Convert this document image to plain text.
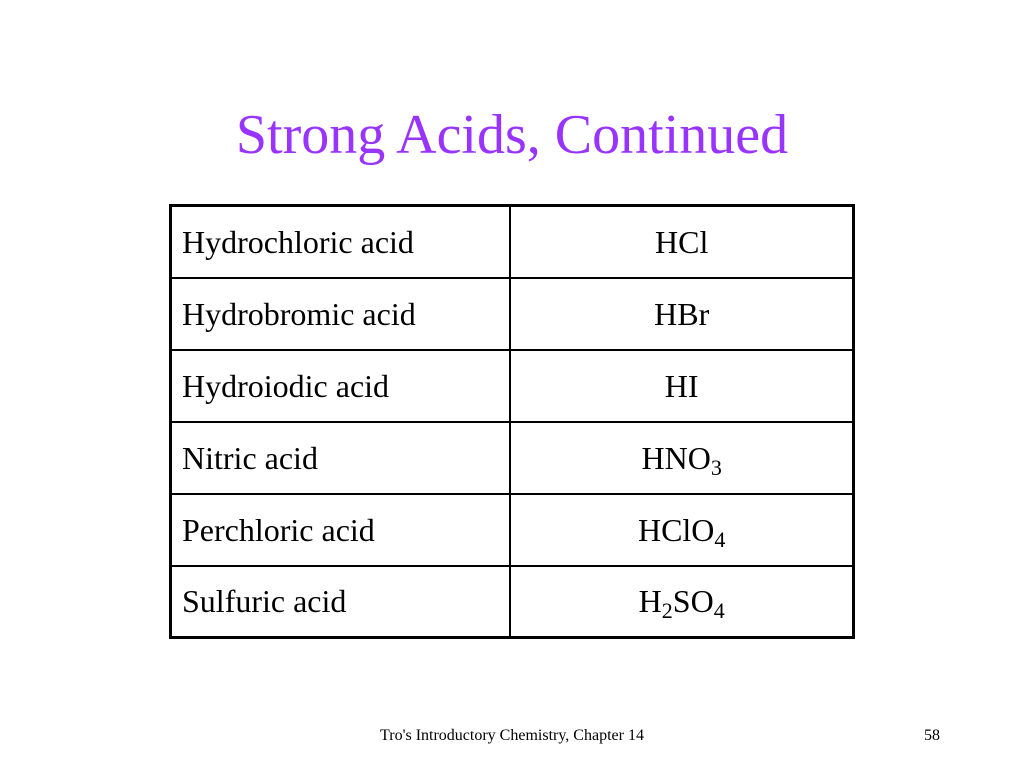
Strong Acids, Continued
Hydrochloric acid	HCl
Hydrobromic acid	HBr
Hydroiodic acid	HI
Nitric acid	$HNO_3$
Perchloric acid	HClO$_4$
Sulfuric acid	$H_2SO_4$
Tro's Introductory Chemistry, Chapter 14	58
